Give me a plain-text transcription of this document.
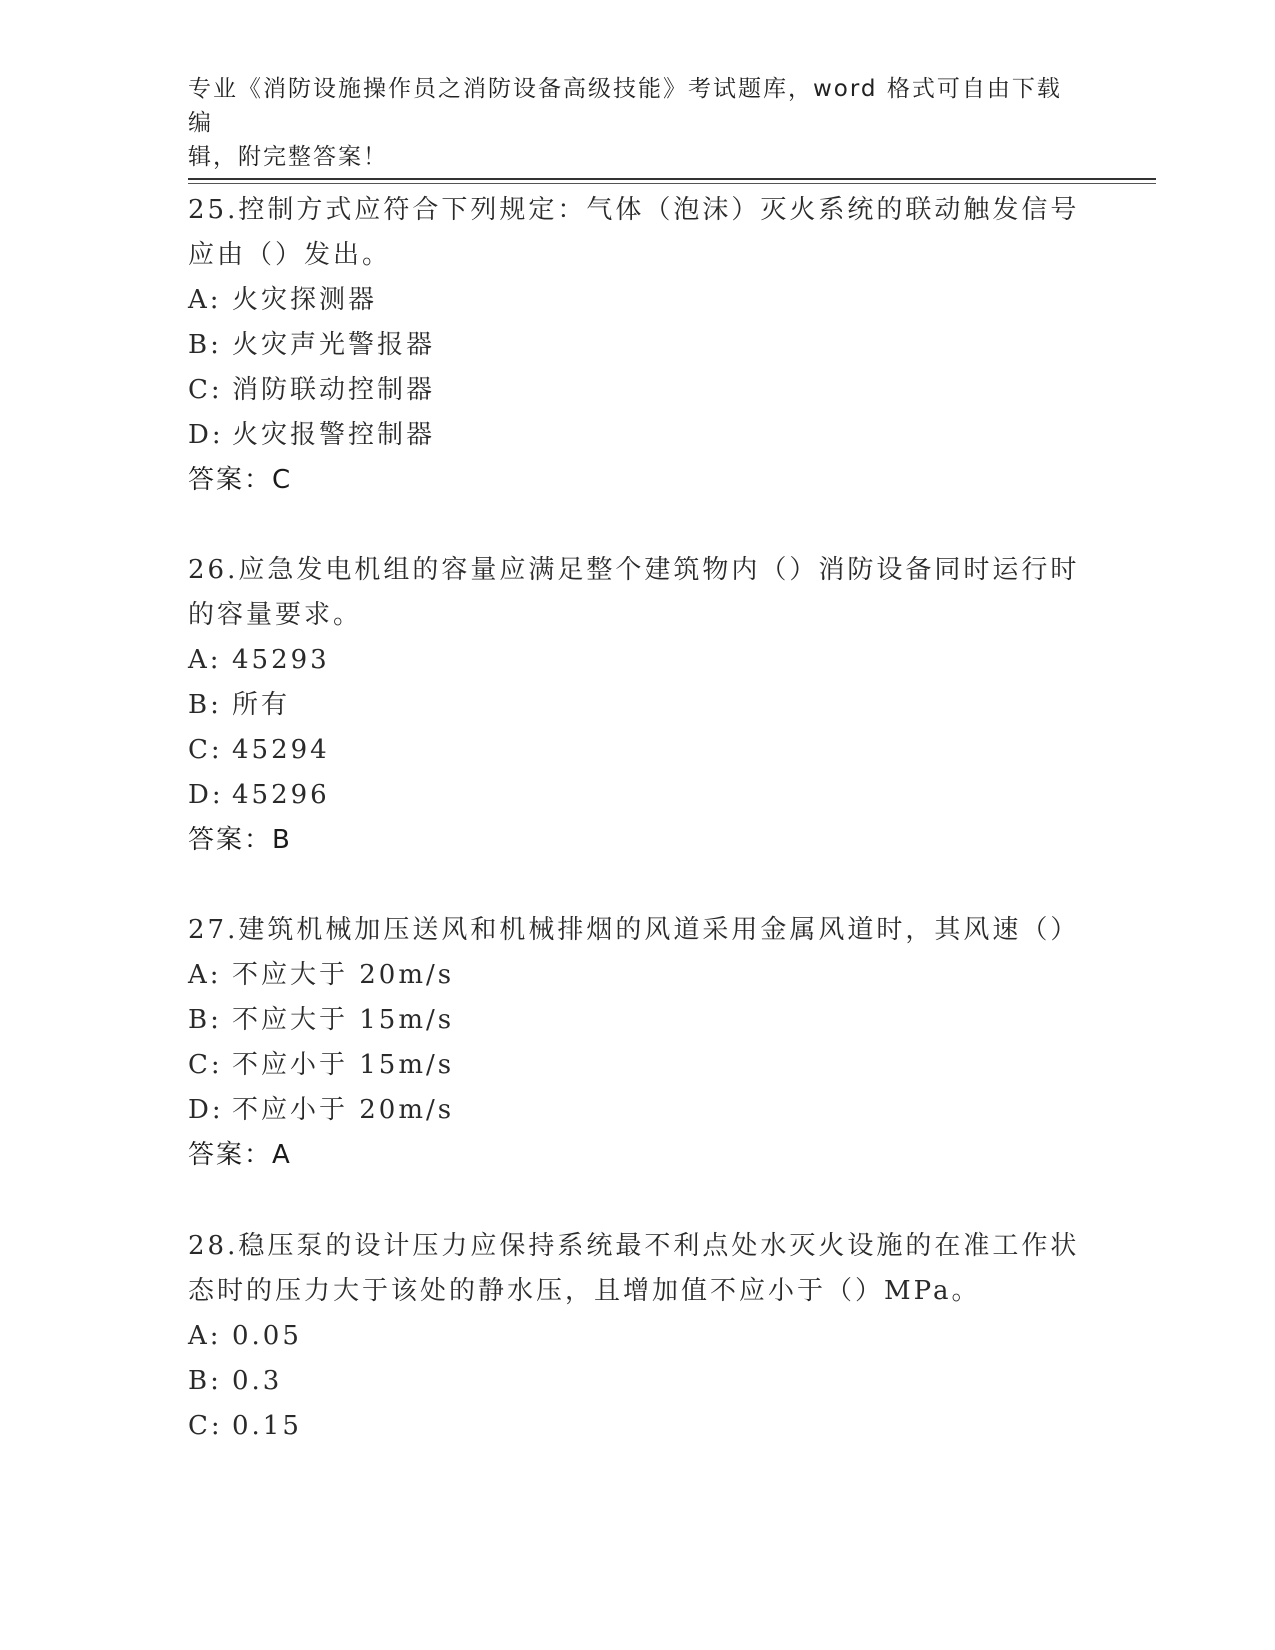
专业《消防设施操作员之消防设备高级技能》考试题库，word 格式可自由下载编
辑，附完整答案！
25.控制方式应符合下列规定：气体（泡沫）灭火系统的联动触发信号
应由（）发出。
A: 火灾探测器
B: 火灾声光警报器
C: 消防联动控制器
D: 火灾报警控制器
答案：C
26.应急发电机组的容量应满足整个建筑物内（）消防设备同时运行时
的容量要求。
A: 45293
B: 所有
C: 45294
D: 45296
答案：B
27.建筑机械加压送风和机械排烟的风道采用金属风道时，其风速（）
A: 不应大于 20m/s
B: 不应大于 15m/s
C: 不应小于 15m/s
D: 不应小于 20m/s
答案：A
28.稳压泵的设计压力应保持系统最不利点处水灭火设施的在准工作状
态时的压力大于该处的静水压，且增加值不应小于（）MPa。
A: 0.05
B: 0.3
C: 0.15
